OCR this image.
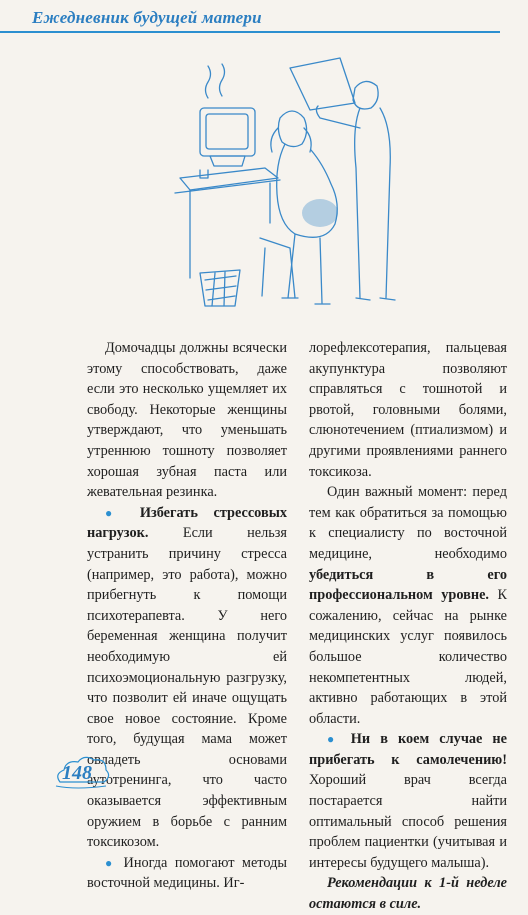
Ежедневник будущей матери

Домочадцы должны всячески этому способствовать, даже если это несколько ущемляет их свободу. Некоторые женщины утверждают, что уменьшать утреннюю тошноту позволяет хорошая зубная паста или жевательная резинка.

● Избегать стрессовых нагрузок. Если нельзя устранить причину стресса (например, это работа), можно прибегнуть к помощи психотерапевта. У него беременная женщина получит необходимую ей психоэмоциональную разгрузку, что позволит ей иначе ощущать свое новое состояние. Кроме того, будущая мама может овладеть основами аутотренинга, что часто оказывается эффективным оружием в борьбе с ранним токсикозом.

● Иногда помогают методы восточной медицины. Иг-

лорефлексотерапия, пальцевая акупунктура позволяют справляться с тошнотой и рвотой, головными болями, слюнотечением (птиализмом) и другими проявлениями раннего токсикоза.

Один важный момент: перед тем как обратиться за помощью к специалисту по восточной медицине, необходимо убедиться в его профессиональном уровне. К сожалению, сейчас на рынке медицинских услуг появилось большое количество некомпетентных людей, активно работающих в этой области.

● Ни в коем случае не прибегать к самолечению! Хороший врач всегда постарается найти оптимальный способ решения проблем пациентки (учитывая и интересы будущего малыша).

Рекомендации к 1-й неделе остаются в силе.

148
